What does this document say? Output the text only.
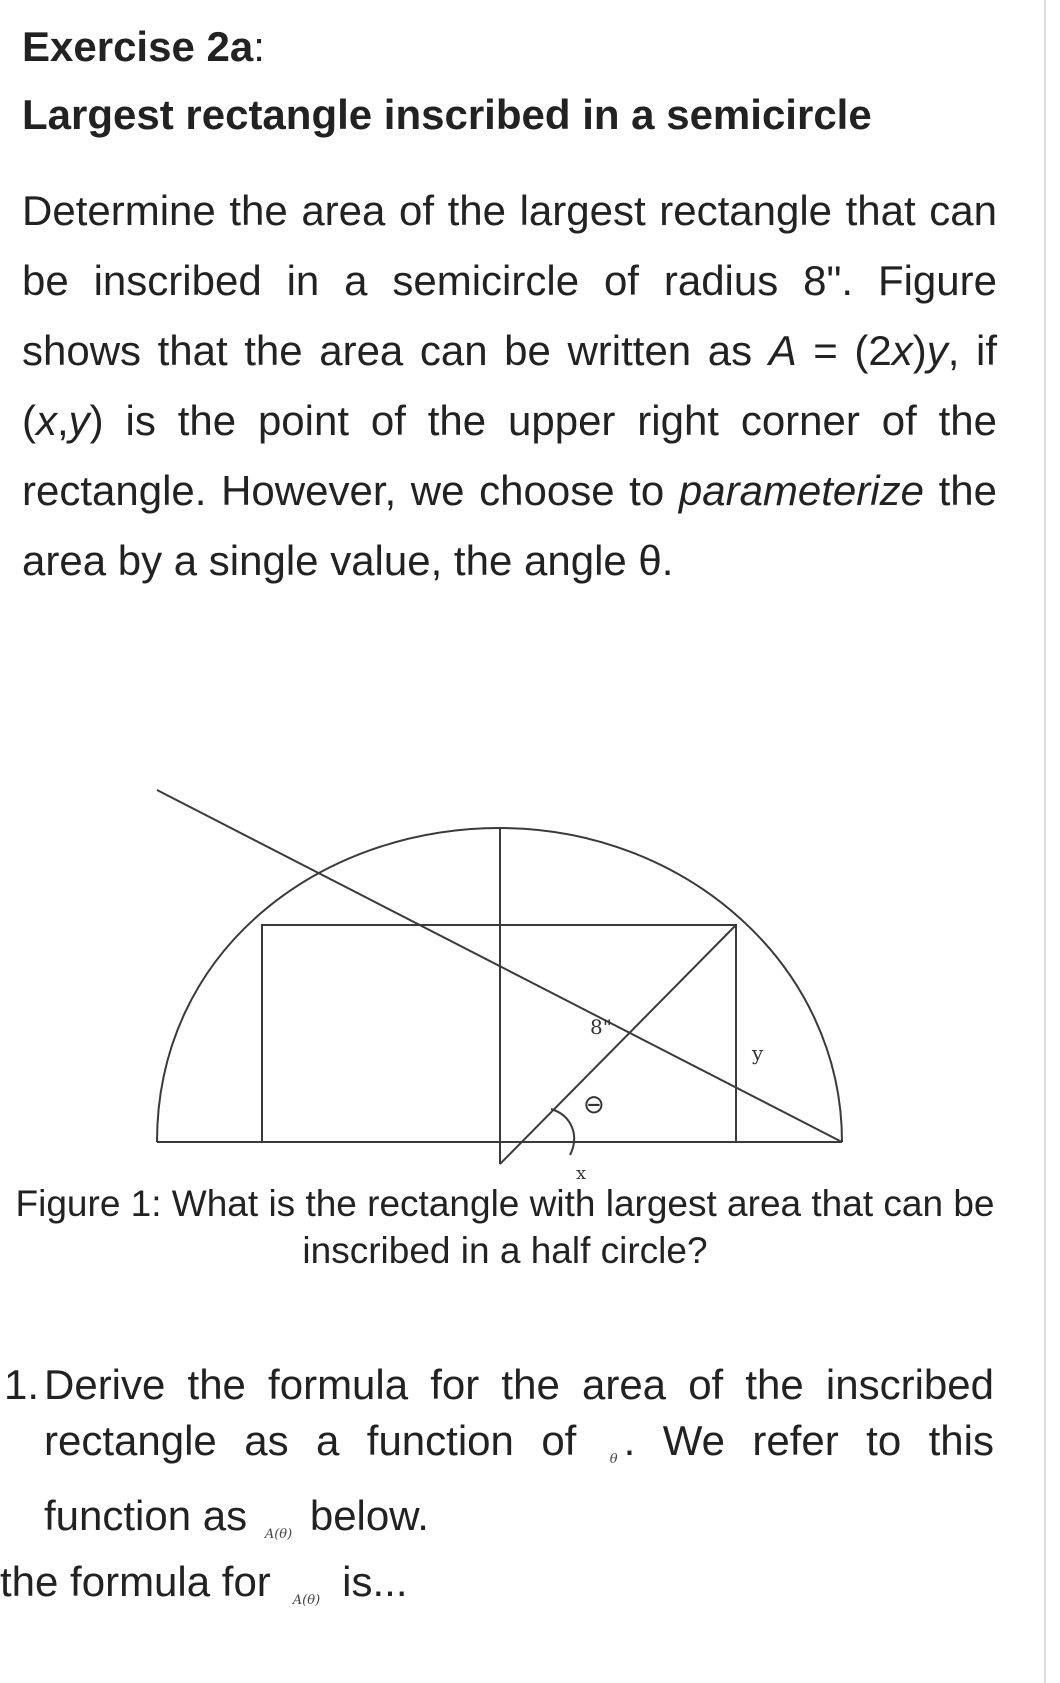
Exercise 2a:
Largest rectangle inscribed in a semicircle

Determine the area of the largest rectangle that can be inscribed in a semicircle of radius 8". Figure shows that the area can be written as A = (2x)y, if (x,y) is the point of the upper right corner of the rectangle. However, we choose to parameterize the area by a single value, the angle θ.

8"
y
⊖
x

Figure 1: What is the rectangle with largest area that can be inscribed in a half circle?

1. Derive the formula for the area of the inscribed rectangle as a function of	θ . We refer to this function as A(θ) below.

the formula for A(θ) is...
